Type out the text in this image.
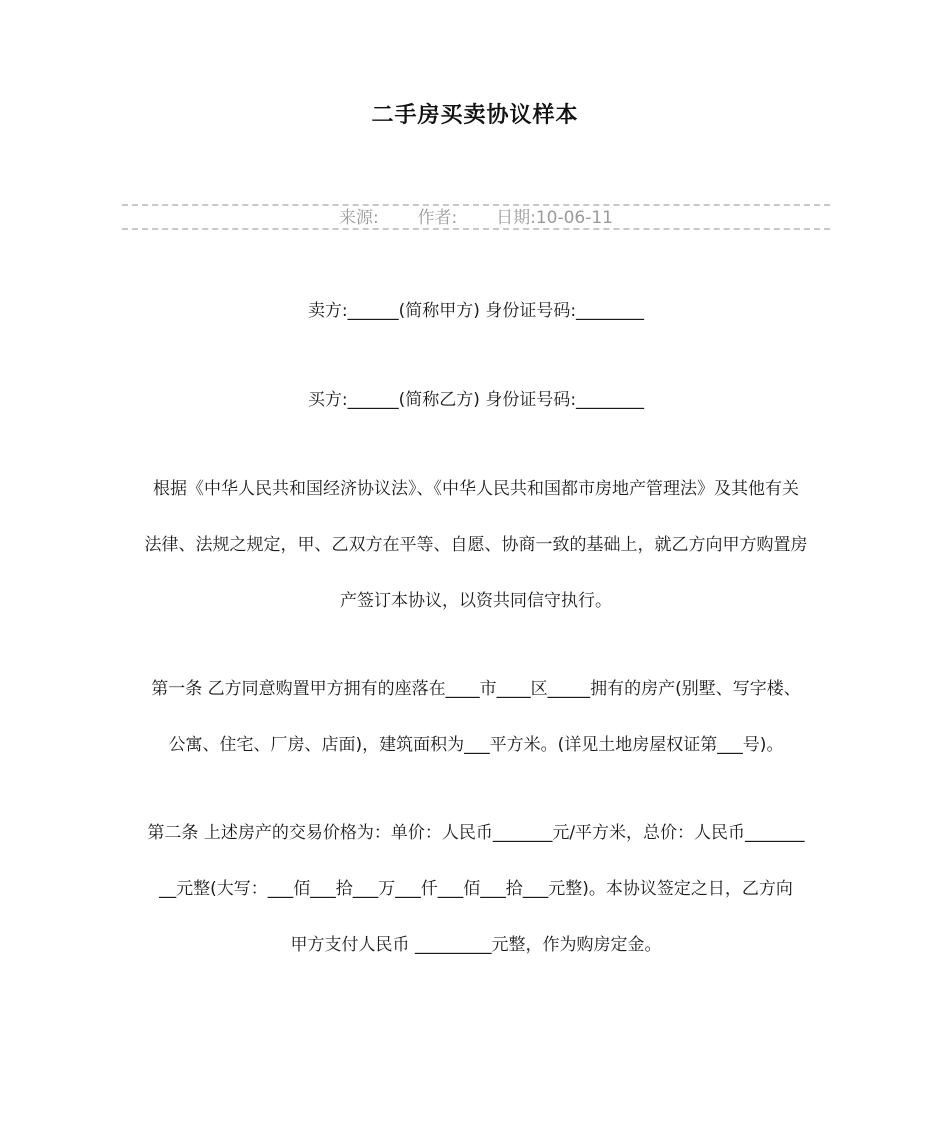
二手房买卖协议样本
来源: 作者: 日期:10-06-11
卖方:______(简称甲方) 身份证号码:________
买方:______(简称乙方) 身份证号码:________
根据《中华人民共和国经济协议法》、《中华人民共和国都市房地产管理法》及其他有关
法律、法规之规定，甲、乙双方在平等、自愿、协商一致的基础上，就乙方向甲方购置房
产签订本协议，以资共同信守执行。
第一条 乙方同意购置甲方拥有的座落在____市____区_____拥有的房产(别墅、写字楼、
公寓、住宅、厂房、店面)，建筑面积为___平方米。(详见土地房屋权证第___号)。
第二条 上述房产的交易价格为：单价：人民币_______元/平方米，总价：人民币_______
__元整(大写：___佰___拾___万___仟___佰___拾___元整)。本协议签定之日，乙方向
甲方支付人民币 _________元整，作为购房定金。
